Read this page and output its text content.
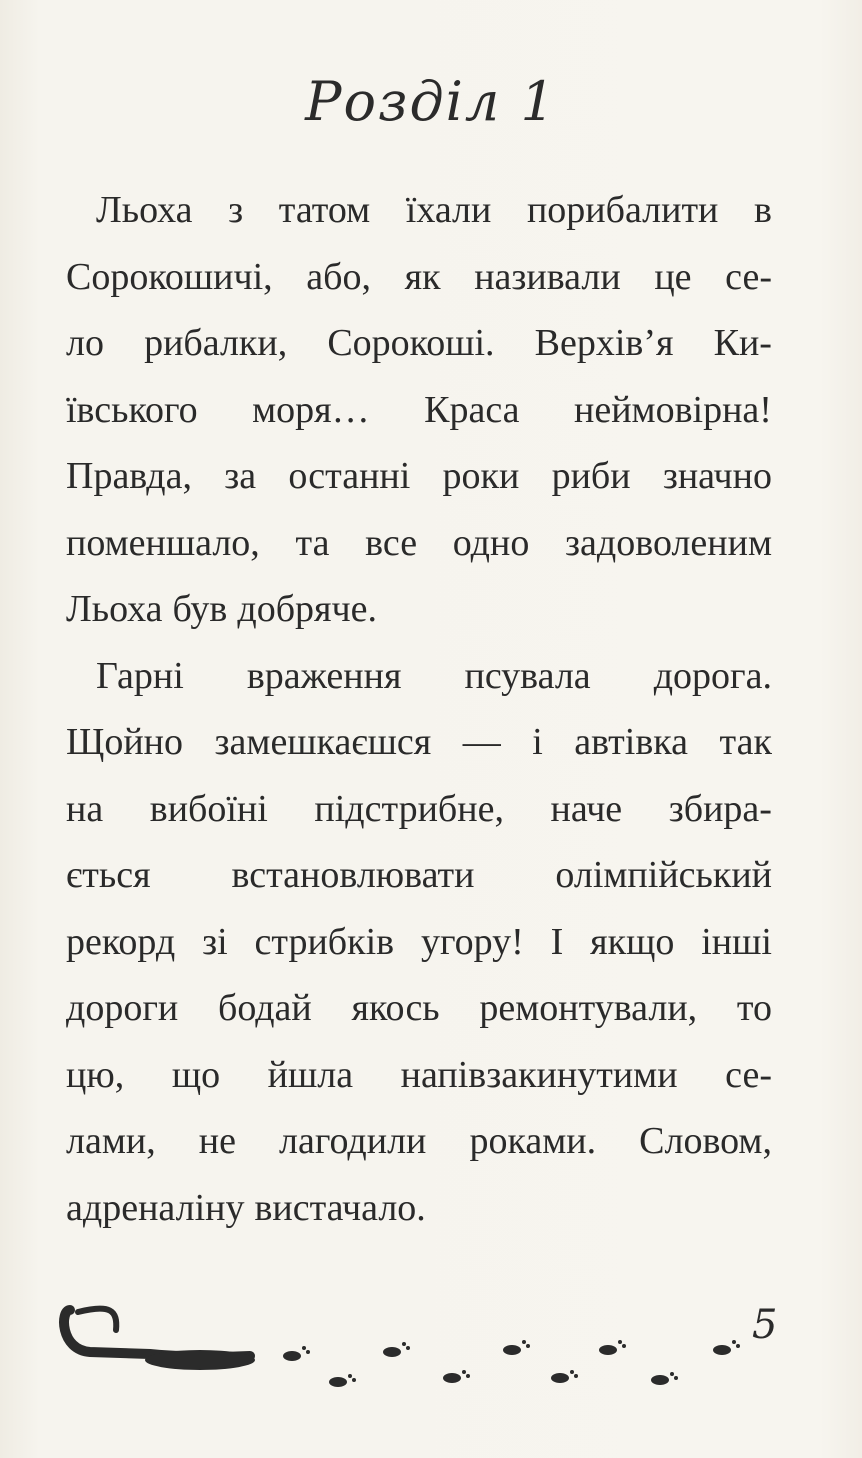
Розділ 1
Льоха з татом їхали порибалити в
Сорокошичі, або, як називали це се-
ло рибалки, Сорокоші. Верхів’я Ки-
ївського моря… Краса неймовірна!
Правда, за останні роки риби значно
поменшало, та все одно задоволеним
Льоха був добряче.
Гарні враження псувала дорога.
Щойно замешкаєшся — і автівка так
на вибоїні підстрибне, наче збира-
ється встановлювати олімпійський
рекорд зі стрибків угору! І якщо інші
дороги бодай якось ремонтували, то
цю, що йшла напівзакинутими се-
лами, не лагодили роками. Словом,
адреналіну вистачало.
5
